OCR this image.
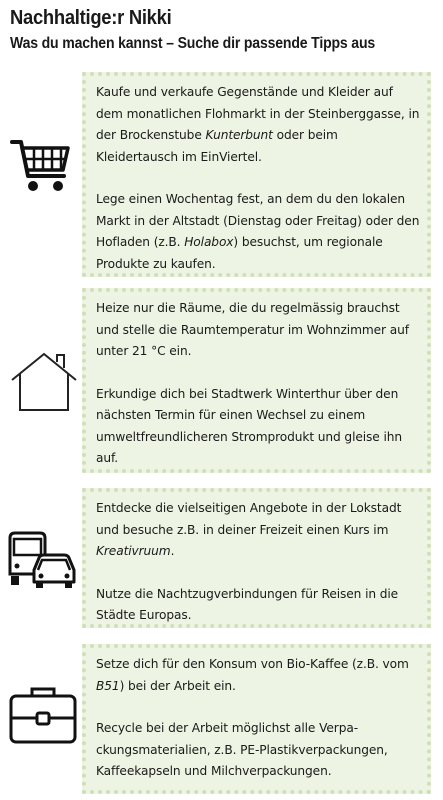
Nachhaltige:r Nikki
Was du machen kannst – Suche dir passende Tipps aus

Kaufe und verkaufe Gegenstände und Kleider auf dem monatlichen Flohmarkt in der Steinberggasse, in der Brockenstube Kunterbunt oder beim Kleidertausch im EinViertel.

Lege einen Wochentag fest, an dem du den lokalen Markt in der Altstadt (Dienstag oder Freitag) oder den Hofladen (z.B. Holabox) besuchst, um regionale Produkte zu kaufen.

Heize nur die Räume, die du regelmässig brauchst und stelle die Raumtemperatur im Wohnzimmer auf unter 21 °C ein.

Erkundige dich bei Stadtwerk Winterthur über den nächsten Termin für einen Wechsel zu einem umweltfreundlicheren Stromprodukt und gleise ihn auf.

Entdecke die vielseitigen Angebote in der Lokstadt und besuche z.B. in deiner Freizeit einen Kurs im Kreativruum.

Nutze die Nachtzugverbindungen für Reisen in die Städte Europas.

Setze dich für den Konsum von Bio-Kaffee (z.B. vom B51) bei der Arbeit ein.

Recycle bei der Arbeit möglichst alle Verpackungsmaterialien, z.B. PE-Plastikverpackungen, Kaffeekapseln und Milchverpackungen.
